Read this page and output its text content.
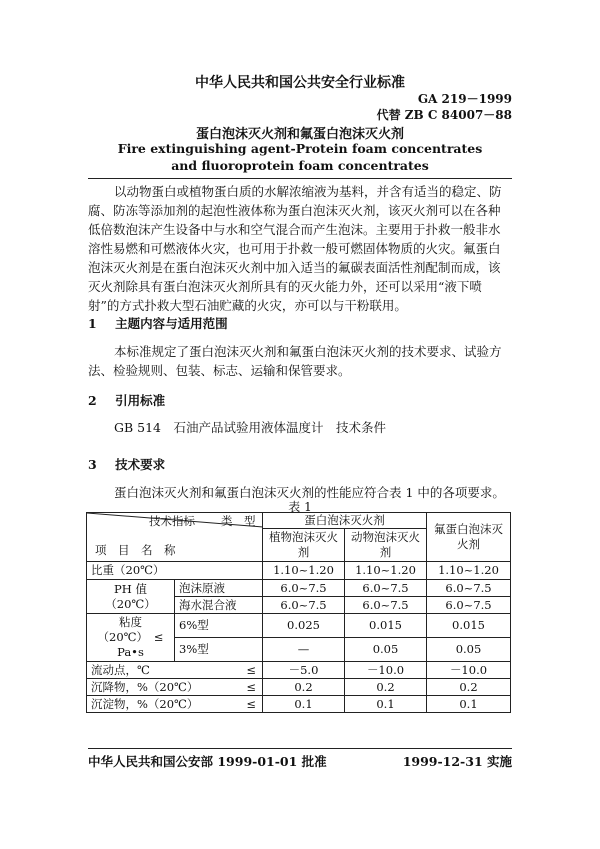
中华人民共和国公共安全行业标准
GA 219－1999
代替 ZB C 84007－88
蛋白泡沫灭火剂和氟蛋白泡沫灭火剂
Fire extinguishing agent-Protein foam concentrates
and fluoroprotein foam concentrates
以动物蛋白或植物蛋白质的水解浓缩液为基料，并含有适当的稳定、防腐、防冻等添加剂的起泡性液体称为蛋白泡沫灭火剂，该灭火剂可以在各种低倍数泡沫产生设备中与水和空气混合而产生泡沫。主要用于扑救一般非水溶性易燃和可燃液体火灾，也可用于扑救一般可燃固体物质的火灾。氟蛋白泡沫灭火剂是在蛋白泡沫灭火剂中加入适当的氟碳表面活性剂配制而成，该灭火剂除具有蛋白泡沫灭火剂所具有的灭火能力外，还可以采用“液下喷射”的方式扑救大型石油贮藏的火灾，亦可以与干粉联用。
1 主题内容与适用范围
本标准规定了蛋白泡沫灭火剂和氟蛋白泡沫灭火剂的技术要求、试验方法、检验规则、包装、标志、运输和保管要求。
2 引用标准
GB 514　石油产品试验用液体温度计　技术条件
3 技术要求
蛋白泡沫灭火剂和氟蛋白泡沫灭火剂的性能应符合表 1 中的各项要求。
表 1
技术指标 类　型
项　目　名　称		蛋白泡沫灭火剂		氟蛋白泡沫灭火剂
		植物泡沫灭火剂	动物泡沫灭火剂	
比重（20℃）		1.10~1.20	1.10~1.20	1.10~1.20

PH 值
（20℃）	泡沫原液	6.0~7.5	6.0~7.5	6.0~7.5
	海水混合液	6.0~7.5	6.0~7.5	6.0~7.5

粘度
（20℃）　≤
Pa•s	6%型	0.025	0.015	0.015
	3%型	—	0.05	0.05
流动点，℃ ≤		－5.0	－10.0	－10.0
沉降物，%（20℃） ≤		0.2	0.2	0.2
沉淀物，%（20℃） ≤		0.1	0.1	0.1
中华人民共和国公安部 1999-01-01 批准	1999-12-31 实施
